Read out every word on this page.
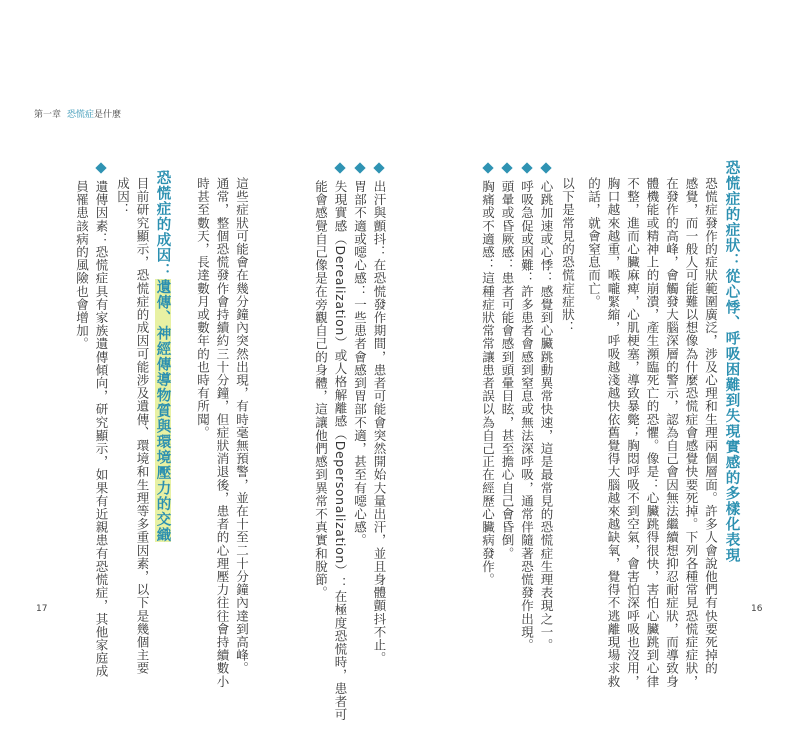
第一章 恐慌症是什麼
恐慌症的症狀：從心悸、呼吸困難到失現實感的多樣化表現
恐慌症發作的症狀範圍廣泛，涉及心理和生理兩個層面。許多人會說他們有快要死掉的
感覺，而一般人可能難以想像為什麼恐慌症會感覺快要死掉。下列各種常見恐慌症症狀，
在發作的高峰，會觸發大腦深層的警示，認為自己會因無法繼續想抑忍耐症狀，而導致身
體機能或精神上的崩潰，產生瀕臨死亡的恐懼。像是：心臟跳得很快，害怕心臟跳到心律
不整，進而心臟麻痺，心肌梗塞，導致暴斃；胸悶呼吸不到空氣，會害怕深呼吸也沒用，
胸口越來越重，喉嚨緊縮，呼吸越淺越快依舊覺得大腦越來越缺氧，覺得不逃離現場求救
的話，就會窒息而亡。
以下是常見的恐慌症症狀：
心跳加速或心悸：感覺到心臟跳動異常快速，這是最常見的恐慌症生理表現之一。
呼吸急促或困難：許多患者會感到窒息或無法深呼吸，通常伴隨著恐慌發作出現。
頭暈或昏厥感：患者可能會感到頭暈目眩，甚至擔心自己會昏倒。
胸痛或不適感：這種症狀常常讓患者誤以為自己正在經歷心臟病發作。
16
出汗與顫抖：在恐慌發作期間，患者可能會突然開始大量出汗，並且身體顫抖不止。
胃部不適或噁心感：一些患者會感到胃部不適，甚至有噁心感。
失現實感（Derealization）或人格解離感（Depersonalization）：在極度恐慌時，患者可
能會感覺自己像是在旁觀自己的身體，這讓他們感到異常不真實和脫節。
這些症狀可能會在幾分鐘內突然出現，有時毫無預警，並在十至二十分鐘內達到高峰。
通常，整個恐慌發作會持續約三十分鐘，但症狀消退後，患者的心理壓力往往會持續數小
時甚至數天，長達數月或數年的也時有所聞。
恐慌症的成因：遺傳、神經傳導物質與環境壓力的交織
目前研究顯示，恐慌症的成因可能涉及遺傳、環境和生理等多重因素，以下是幾個主要
成因：
遺傳因素：恐慌症具有家族遺傳傾向，研究顯示，如果有近親患有恐慌症，其他家庭成
員罹患該病的風險也會增加。
17
